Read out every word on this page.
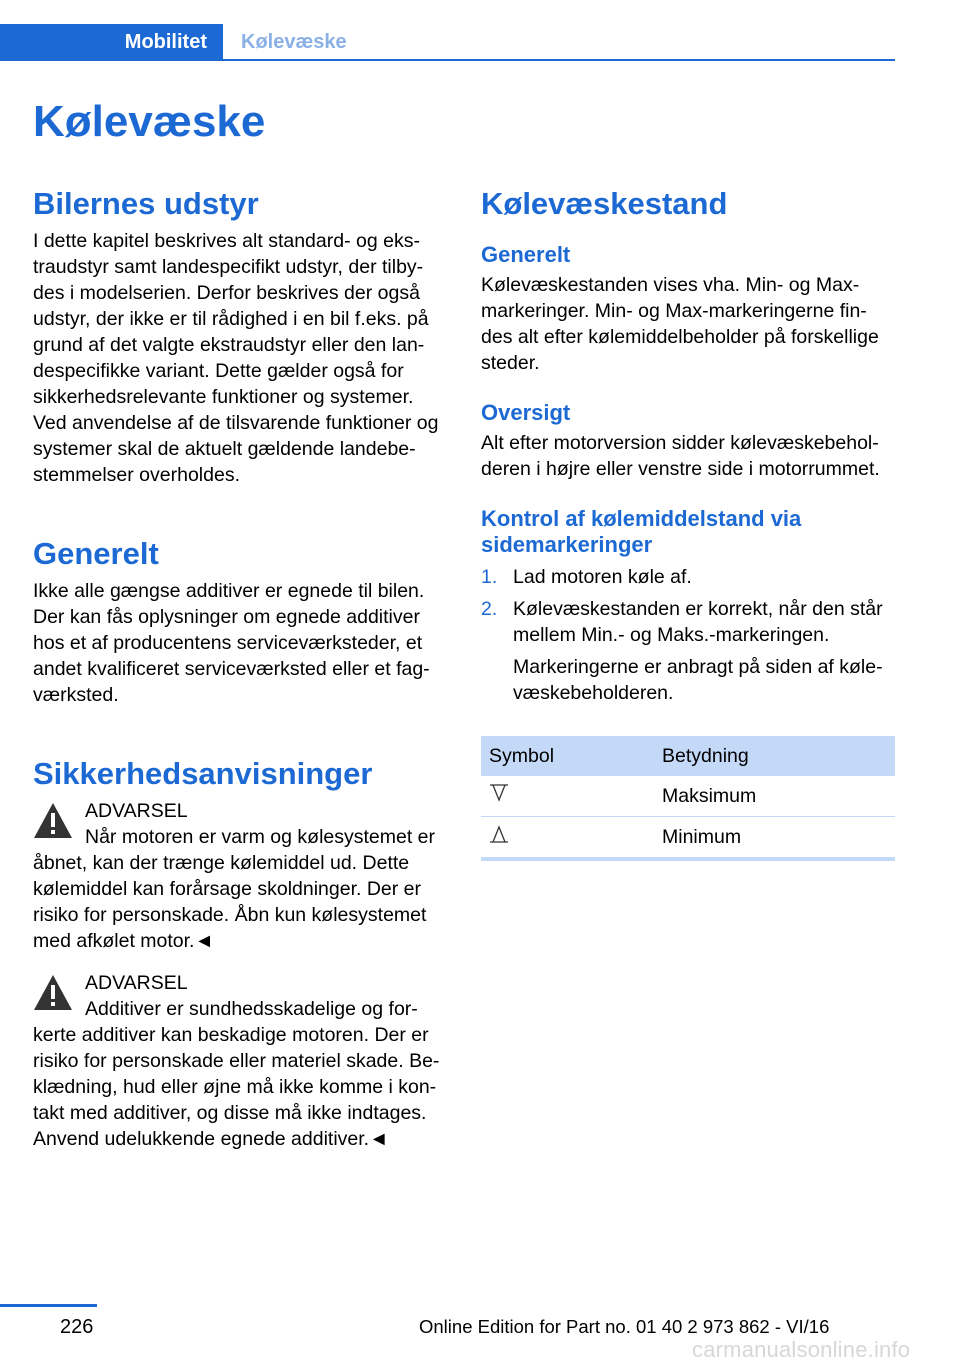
Mobilitet Kølevæske
Kølevæske
Bilernes udstyr
I dette kapitel beskrives alt standard- og eks-
traudstyr samt landespecifikt udstyr, der tilby-
des i modelserien. Derfor beskrives der også
udstyr, der ikke er til rådighed i en bil f.eks. på
grund af det valgte ekstraudstyr eller den lan-
despecifikke variant. Dette gælder også for
sikkerhedsrelevante funktioner og systemer.
Ved anvendelse af de tilsvarende funktioner og
systemer skal de aktuelt gældende landebe-
stemmelser overholdes.
Generelt
Ikke alle gængse additiver er egnede til bilen.
Der kan fås oplysninger om egnede additiver
hos et af producentens serviceværksteder, et
andet kvalificeret serviceværksted eller et fag-
værksted.
Sikkerhedsanvisninger
ADVARSEL
Når motoren er varm og kølesystemet er
åbnet, kan der trænge kølemiddel ud. Dette
kølemiddel kan forårsage skoldninger. Der er
risiko for personskade. Åbn kun kølesystemet
med afkølet motor.◄
ADVARSEL
Additiver er sundhedsskadelige og for-
kerte additiver kan beskadige motoren. Der er
risiko for personskade eller materiel skade. Be-
klædning, hud eller øjne må ikke komme i kon-
takt med additiver, og disse må ikke indtages.
Anvend udelukkende egnede additiver.◄
Kølevæskestand
Generelt
Kølevæskestanden vises vha. Min- og Max-
markeringer. Min- og Max-markeringerne fin-
des alt efter kølemiddelbeholder på forskellige
steder.
Oversigt
Alt efter motorversion sidder kølevæskebehol-
deren i højre eller venstre side i motorrummet.
Kontrol af kølemiddelstand via sidemarkeringer
1. Lad motoren køle af.
2. Kølevæskestanden er korrekt, når den står
mellem Min.- og Maks.-markeringen.
Markeringerne er anbragt på siden af køle-
væskebeholderen.
Symbol	Betydning
	Maksimum
	Minimum
226	Online Edition for Part no. 01 40 2 973 862 - VI/16
carmanualsonline.info
